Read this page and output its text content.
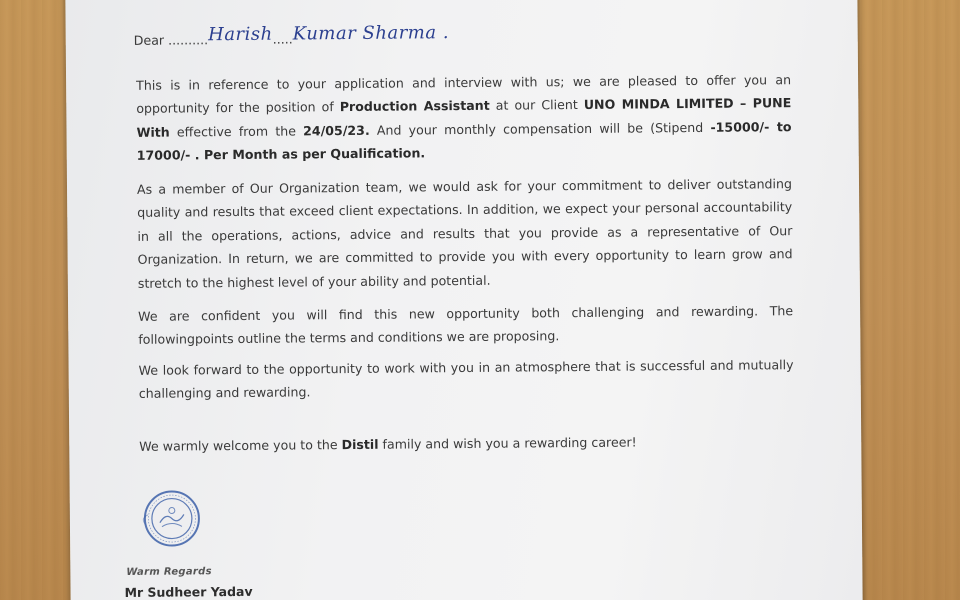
Dear ..........Harish.....Kumar Sharma .
This is in reference to your application and interview with us; we are pleased to offer you an opportunity for the position of Production Assistant at our Client UNO MINDA LIMITED – PUNE With effective from the 24/05/23. And your monthly compensation will be (Stipend -15000/- to 17000/- . Per Month as per Qualification.
As a member of Our Organization team, we would ask for your commitment to deliver outstanding quality and results that exceed client expectations. In addition, we expect your personal accountability in all the operations, actions, advice and results that you provide as a representative of Our Organization. In return, we are committed to provide you with every opportunity to learn grow and stretch to the highest level of your ability and potential.
We are confident you will find this new opportunity both challenging and rewarding. The followingpoints outline the terms and conditions we are proposing.
We look forward to the opportunity to work with you in an atmosphere that is successful and mutually challenging and rewarding.
We warmly welcome you to the Distil family and wish you a rewarding career!
Warm Regards
Mr Sudheer Yadav
